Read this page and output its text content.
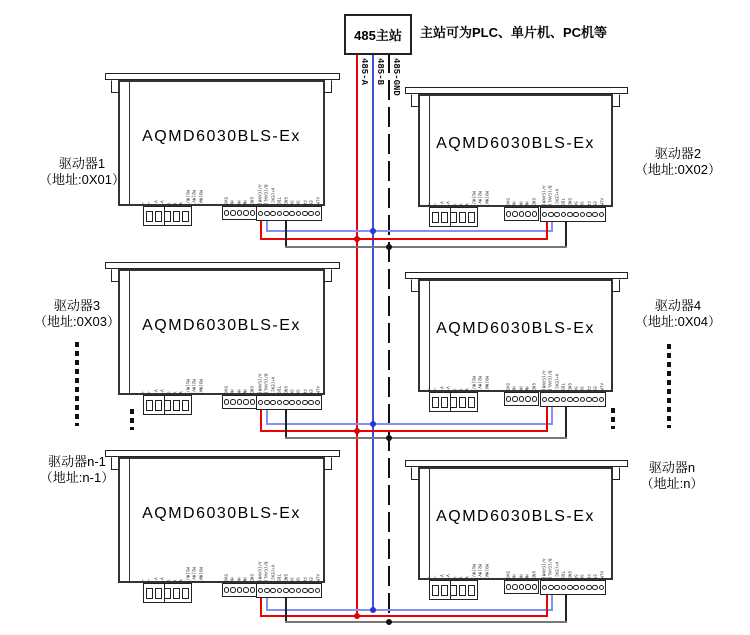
485-A 485-B 485-GND
485主站	主站可为PLC、单片机、PC机等
AQMD6030BLS-Ex
⏚ ⏚ V- V+ U V W M1(HU) M2(HV) M3(HW)	5V0 HU HV HW GND A/(CANH) B/(CANL) V+(EXC) TDS GND 5V SV FR EN ALM
AQMD6030BLS-Ex
⏚ ⏚ V- V+ U V W M1(HU) M2(HV) M3(HW) 5V0 HU HV HW GND A/(CANH) B/(CANL) V+(EXC) TDS GND 5V SV FR EN ALM
AQMD6030BLS-Ex
⏚ ⏚ V- V+ U V W M1(HU) M2(HV) M3(HW)	5V0 HU HV HW GND A/(CANH) B/(CANL) V+(EXC) TDS GND 5V SV FR EN ALM
AQMD6030BLS-Ex
⏚ ⏚ V- V+ U V W M1(HU) M2(HV) M3(HW) 5V0 HU HV HW GND A/(CANH) B/(CANL) V+(EXC) TDS GND 5V SV FR EN ALM
AQMD6030BLS-Ex
⏚ ⏚ V- V+ U V W M1(HU) M2(HV) M3(HW)	5V0 HU HV HW GND A/(CANH) B/(CANL) V+(EXC) TDS GND 5V SV FR EN ALM
AQMD6030BLS-Ex
⏚ ⏚ V- V+ U V W M1(HU) M2(HV) M3(HW) 5V0 HU HV HW GND A/(CANH) B/(CANL) V+(EXC) TDS GND 5V SV FR EN ALM
驱动器1
（地址:0X01）
驱动器2
（地址:0X02）
驱动器3
（地址:0X03）
驱动器4
（地址:0X04）
驱动器n-1
（地址:n-1）
驱动器n
（地址:n）
